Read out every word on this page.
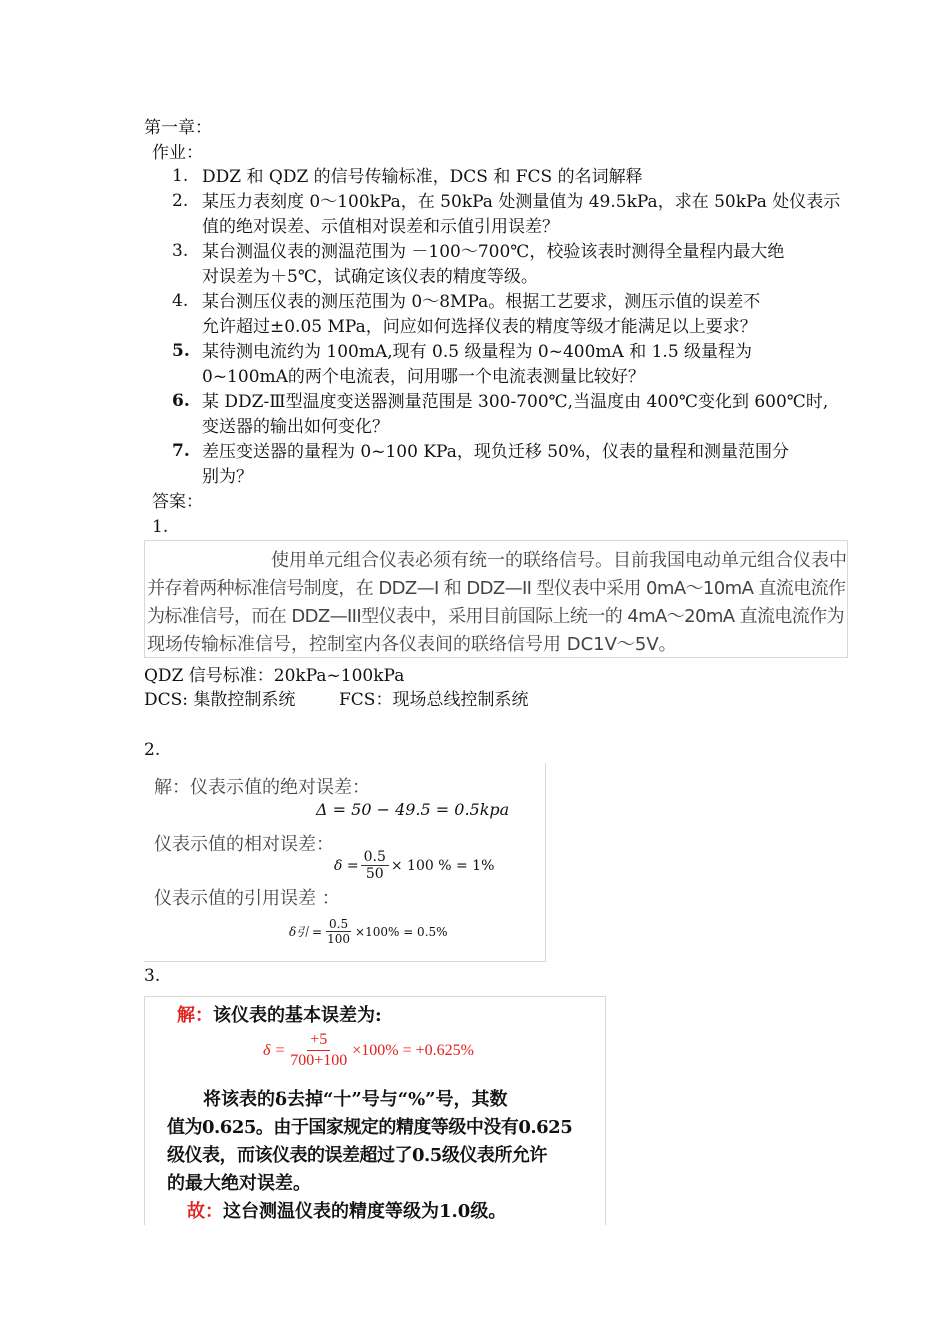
第一章：
作业：
1. DDZ 和 QDZ 的信号传输标准，DCS 和 FCS 的名词解释
2. 某压力表刻度 0～100kPa，在 50kPa 处测量值为 49.5kPa，求在 50kPa 处仪表示
值的绝对误差、示值相对误差和示值引用误差？
3. 某台测温仪表的测温范围为 －100～700℃，校验该表时测得全量程内最大绝
对误差为＋5℃，试确定该仪表的精度等级。
4. 某台测压仪表的测压范围为 0～8MPa。根据工艺要求，测压示值的误差不
允许超过±0.05 MPa，问应如何选择仪表的精度等级才能满足以上要求？
5. 某待测电流约为 100mA,现有 0.5 级量程为 0~400mA 和 1.5 级量程为
0~100mA的两个电流表，问用哪一个电流表测量比较好？
6. 某 DDZ-Ⅲ型温度变送器测量范围是 300-700℃,当温度由 400℃变化到 600℃时,
变送器的输出如何变化？
7. 差压变送器的量程为 0~100 KPa，现负迁移 50%，仪表的量程和测量范围分
别为？
答案：
1.
使用单元组合仪表必须有统一的联络信号。目前我国电动单元组合仪表中
并存着两种标准信号制度，在 DDZ—I 和 DDZ—II 型仪表中采用 0mA～10mA 直流电流作
为标准信号，而在 DDZ—III型仪表中，采用目前国际上统一的 4mA～20mA 直流电流作为
现场传输标准信号，控制室内各仪表间的联络信号用 DC1V～5V。
QDZ 信号标准：20kPa~100kPa
DCS: 集散控制系统	FCS：现场总线控制系统
2.
解：仪表示值的绝对误差：
Δ = 50 − 49.5 = 0.5kpa
仪表示值的相对误差：
$\delta = \frac{0.5}{50} \times 100$ % = 1%
仪表示值的引用误差 ：
δ引 = $\frac{0.5}{100} \times 100\% = 0.5\%$
3.
解：该仪表的基本误差为:
$\delta = \frac{+5}{700+100} \times 100\% = +0.625\%$
将该表的δ去掉“十”号与“%”号，其数
值为0.625。由于国家规定的精度等级中没有0.625
级仪表，而该仪表的误差超过了0.5级仪表所允许
的最大绝对误差。
故：这台测温仪表的精度等级为1.0级。
